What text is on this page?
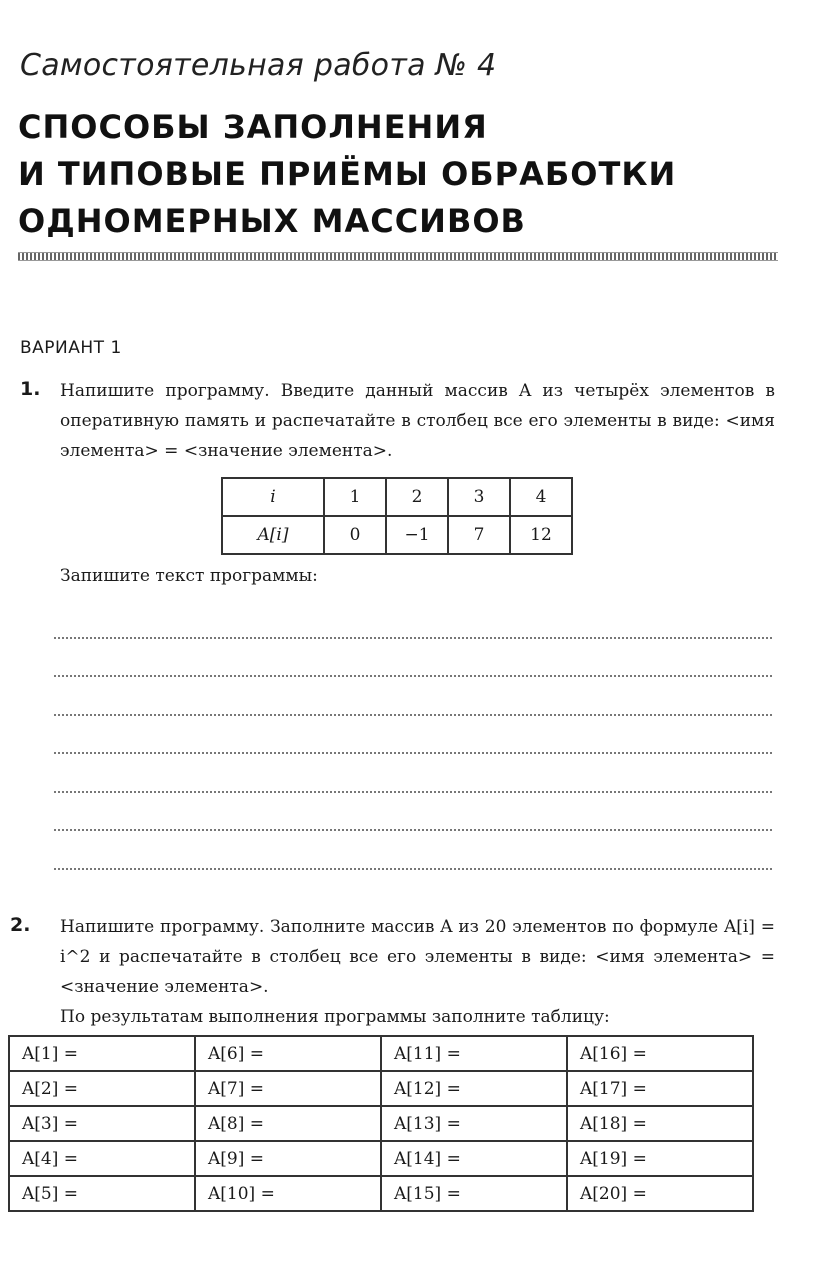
Самостоятельная работа № 4
СПОСОБЫ ЗАПОЛНЕНИЯ
И ТИПОВЫЕ ПРИЁМЫ ОБРАБОТКИ
ОДНОМЕРНЫХ МАССИВОВ
ВАРИАНТ 1
1. Напишите программу. Введите данный массив A из четырёх элементов в оперативную память и распечатайте в столбец все его элементы в виде: <имя элемента> = <значение элемента>.

i	1	2	3	4
A[i]	0	−1	7	12
Запишите текст программы:
2. Напишите программу. Заполните массив A из 20 элементов по формуле A[i] = i^2 и распечатайте в столбец все его элементы в виде: <имя элемента> = <значение элемента>.

По результатам выполнения программы заполните таблицу:

A[1] =	A[6] =	A[11] =	A[16] =
A[2] =	A[7] =	A[12] =	A[17] =
A[3] =	A[8] =	A[13] =	A[18] =
A[4] =	A[9] =	A[14] =	A[19] =
A[5] =	A[10] =	A[15] =	A[20] =
